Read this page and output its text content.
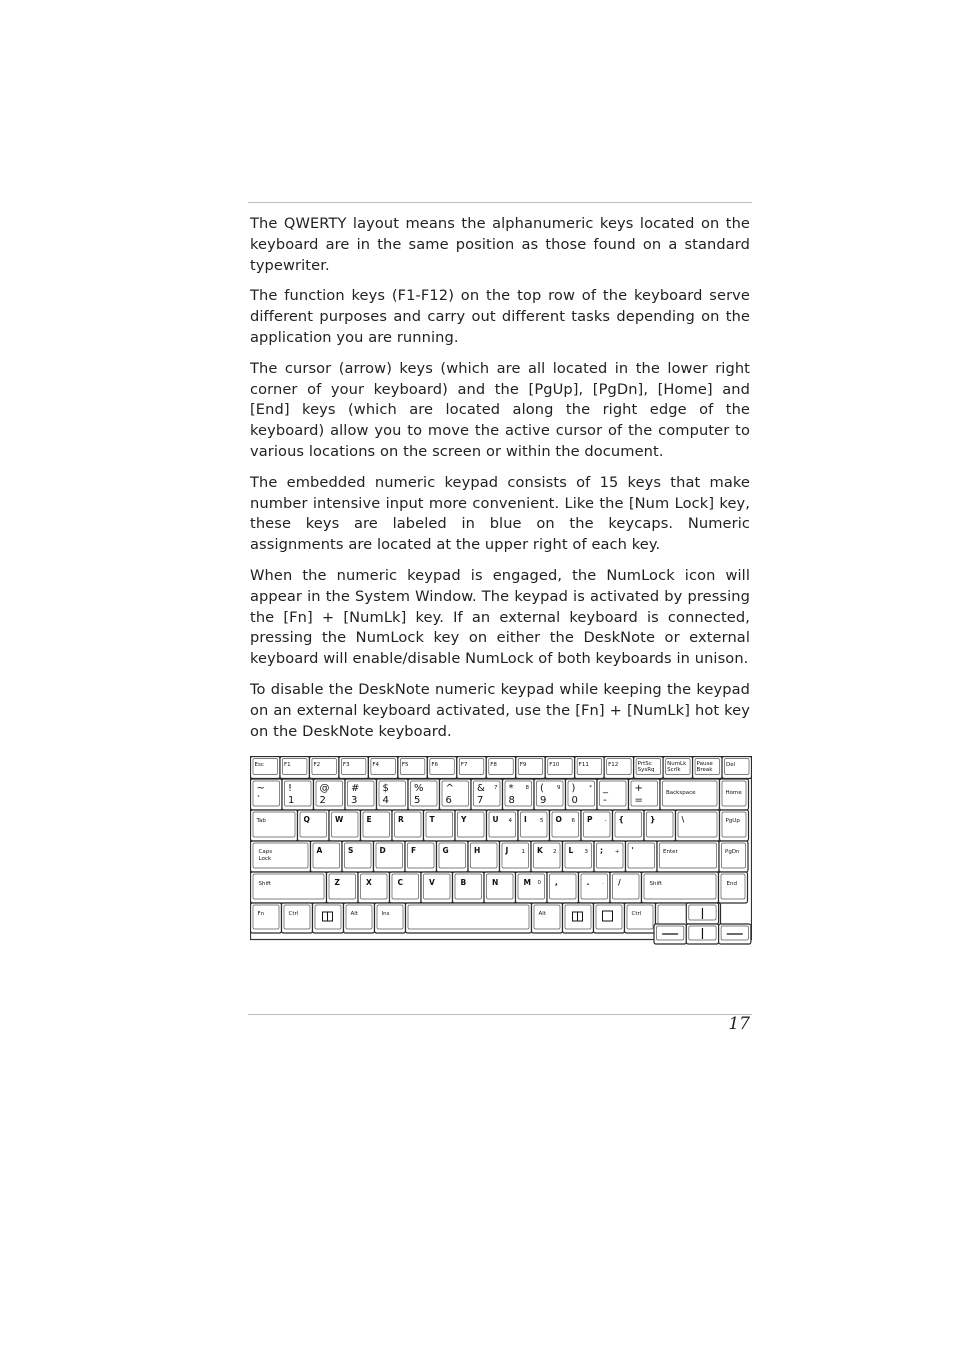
The QWERTY layout means the alphanumeric keys located on the keyboard are in the same position as those found on a standard typewriter.

The function keys (F1-F12) on the top row of the keyboard serve different purposes and carry out different tasks depending on the application you are running.

The cursor (arrow) keys (which are all located in the lower right corner of your keyboard) and the [PgUp], [PgDn], [Home] and [End] keys (which are located along the right edge of the keyboard) allow you to move the active cursor of the computer to various locations on the screen or within the document.

The embedded numeric keypad consists of 15 keys that make number intensive input more convenient. Like the [Num Lock] key, these keys are labeled in blue on the keycaps. Numeric assignments are located at the upper right of each key.

When the numeric keypad is engaged, the NumLock icon will appear in the System Window. The keypad is activated by pressing the [Fn] + [NumLk] key. If an external keyboard is connected, pressing the NumLock key on either the DeskNote or external keyboard will enable/disable NumLock of both keyboards in unison.

To disable the DeskNote numeric keypad while keeping the keypad on an external keyboard activated, use the [Fn] + [NumLk] hot key on the DeskNote keyboard.

Esc	F1	F2	F3	F4	F5	F6	F7	F8	F9	F10	F11	F12	PrtSc
SysRq
NumLk
Scrlk
Pause
Break
Del
~
`
!
1
@
2
#
3
$
4
%
5
^
6
&
7
7 *
8
8 (
9
9 )
0
* _
-
+
=
Backspace	Home
Tab	Q	W	E	R	T	Y	U 4 I 5 O 6 P - {	}	\	PgUp
Caps
Lock
A	S	D	F	G	H	J 1 K 2 L 3 ; + '	Enter	PgDn
Shift	Z	X	C	V	B	N	M 0 ,	. . /	Shift	End
Fn	Ctrl	Alt	Ins	Alt	Ctrl
17
